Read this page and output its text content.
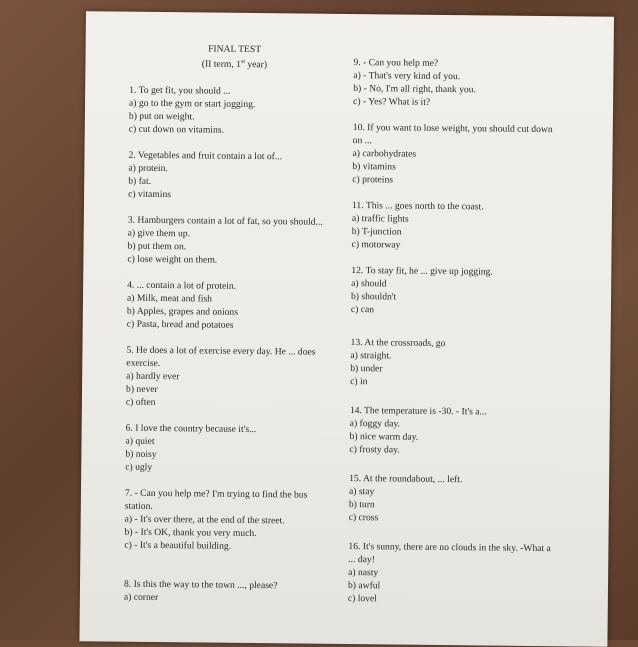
FINAL TEST
(II term, 1st year)
1. To get fit, you should ...
a) go to the gym or start jogging.
b) put on weight.
c) cut down on vitamins.
2. Vegetables and fruit contain a lot of...
a) protein.
b) fat.
c) vitamins
3. Hamburgers contain a lot of fat, so you should...
a) give them up.
b) put them on.
c) lose weight on them.
4. ... contain a lot of protein.
a) Milk, meat and fish
b) Apples, grapes and onions
c) Pasta, bread and potatoes
5. He does a lot of exercise every day. He ... does exercise.
a) hardly ever
b) never
c) often
6. I love the country because it's...
a) quiet
b) noisy
c) ugly
7. - Can you help me? I'm trying to find the bus station.
a) - It's over there, at the end of the street.
b) - It's OK, thank you very much.
c) - It's a beautiful building.
8. Is this the way to the town ..., please?
a) corner
9. - Can you help me?
a) - That's very kind of you.
b) - No, I'm all right, thank you.
c) - Yes? What is it?
10. If you want to lose weight, you should cut down on ...
a) carbohydrates
b) vitamins
c) proteins
11. This ... goes north to the coast.
a) traffic lights
b) T-junction
c) motorway
12. To stay fit, he ... give up jogging.
a) should
b) shouldn't
c) can
13. At the crossroads, go
a) straight.
b) under
c) in
14. The temperature is -30. - It's a...
a) foggy day.
b) nice warm day.
c) frosty day.
15. At the roundabout, ... left.
a) stay
b) turn
c) cross
16. It's sunny, there are no clouds in the sky. -What a ... day!
a) nasty
b) awful
c) lovel
